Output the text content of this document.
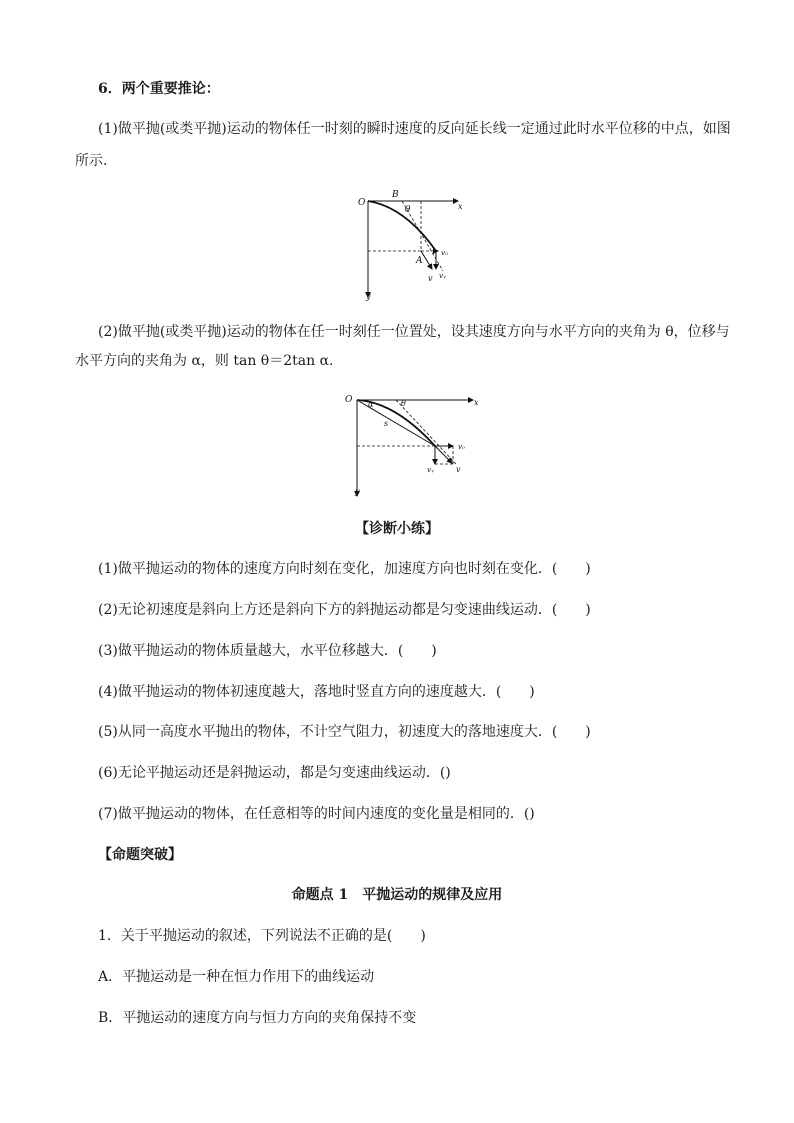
6．两个重要推论：
(1)做平抛(或类平抛)运动的物体任一时刻的瞬时速度的反向延长线一定通过此时水平位移的中点，如图
所示．
O
B
θ	x
A
v₀
vᵧ
v
y
(2)做平抛(或类平抛)运动的物体在任一时刻任一位置处，设其速度方向与水平方向的夹角为 θ，位移与
水平方向的夹角为 α，则 tan θ＝2tan α.
O α	θ	x
s
v₀
vᵧ	v
y
【诊断小练】
(1)做平抛运动的物体的速度方向时刻在变化，加速度方向也时刻在变化．(　　)
(2)无论初速度是斜向上方还是斜向下方的斜抛运动都是匀变速曲线运动．(　　)
(3)做平抛运动的物体质量越大，水平位移越大．(　　)
(4)做平抛运动的物体初速度越大，落地时竖直方向的速度越大．(　　)
(5)从同一高度水平抛出的物体，不计空气阻力，初速度大的落地速度大．(　　)
(6)无论平抛运动还是斜抛运动，都是匀变速曲线运动．()
(7)做平抛运动的物体，在任意相等的时间内速度的变化量是相同的．()
【命题突破】
命题点 1　平抛运动的规律及应用
1．关于平抛运动的叙述，下列说法不正确的是(　　)
A．平抛运动是一种在恒力作用下的曲线运动
B．平抛运动的速度方向与恒力方向的夹角保持不变
